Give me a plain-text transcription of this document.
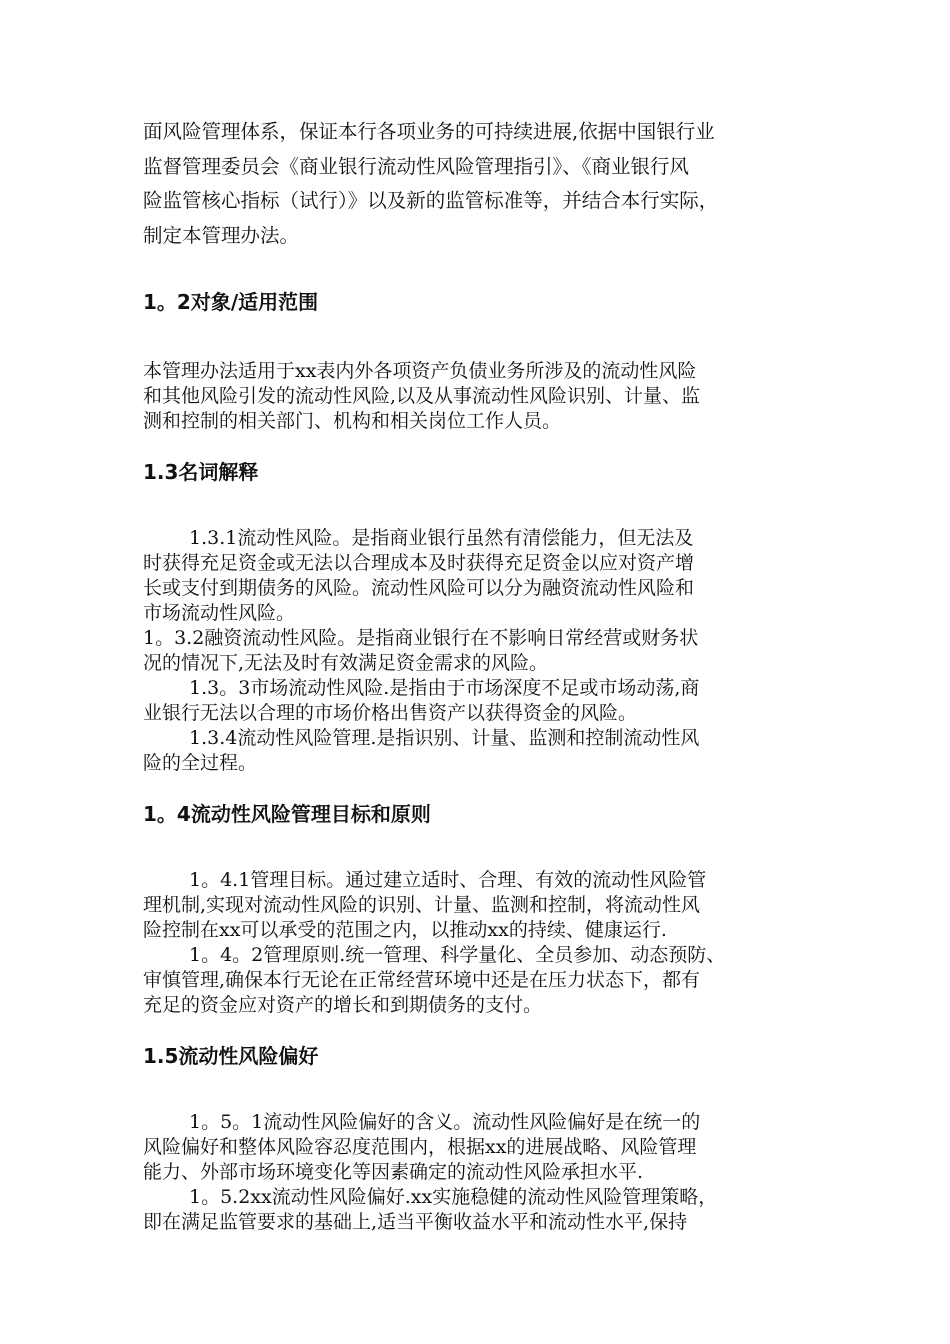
面风险管理体系，保证本行各项业务的可持续进展,依据中国银行业

监督管理委员会《商业银行流动性风险管理指引》、《商业银行风

险监管核心指标（试行）》以及新的监管标准等，并结合本行实际，

制定本管理办法。

1。2对象/适用范围
本管理办法适用于xx表内外各项资产负债业务所涉及的流动性风险
和其他风险引发的流动性风险,以及从事流动性风险识别、计量、监
测和控制的相关部门、机构和相关岗位工作人员。
1.3名词解释
1.3.1流动性风险。是指商业银行虽然有清偿能力，但无法及
时获得充足资金或无法以合理成本及时获得充足资金以应对资产增
长或支付到期债务的风险。流动性风险可以分为融资流动性风险和
市场流动性风险。
1。3.2融资流动性风险。是指商业银行在不影响日常经营或财务状
况的情况下,无法及时有效满足资金需求的风险。
1.3。3市场流动性风险.是指由于市场深度不足或市场动荡,商
业银行无法以合理的市场价格出售资产以获得资金的风险。
1.3.4流动性风险管理.是指识别、计量、监测和控制流动性风
险的全过程。
1。4流动性风险管理目标和原则
1。4.1管理目标。通过建立适时、合理、有效的流动性风险管
理机制,实现对流动性风险的识别、计量、监测和控制，将流动性风
险控制在xx可以承受的范围之内，以推动xx的持续、健康运行.
1。4。2管理原则.统一管理、科学量化、全员参加、动态预防、
审慎管理,确保本行无论在正常经营环境中还是在压力状态下，都有
充足的资金应对资产的增长和到期债务的支付。
1.5流动性风险偏好
1。5。1流动性风险偏好的含义。流动性风险偏好是在统一的
风险偏好和整体风险容忍度范围内，根据xx的进展战略、风险管理
能力、外部市场环境变化等因素确定的流动性风险承担水平.
1。5.2xx流动性风险偏好.xx实施稳健的流动性风险管理策略，
即在满足监管要求的基础上,适当平衡收益水平和流动性水平,保持
